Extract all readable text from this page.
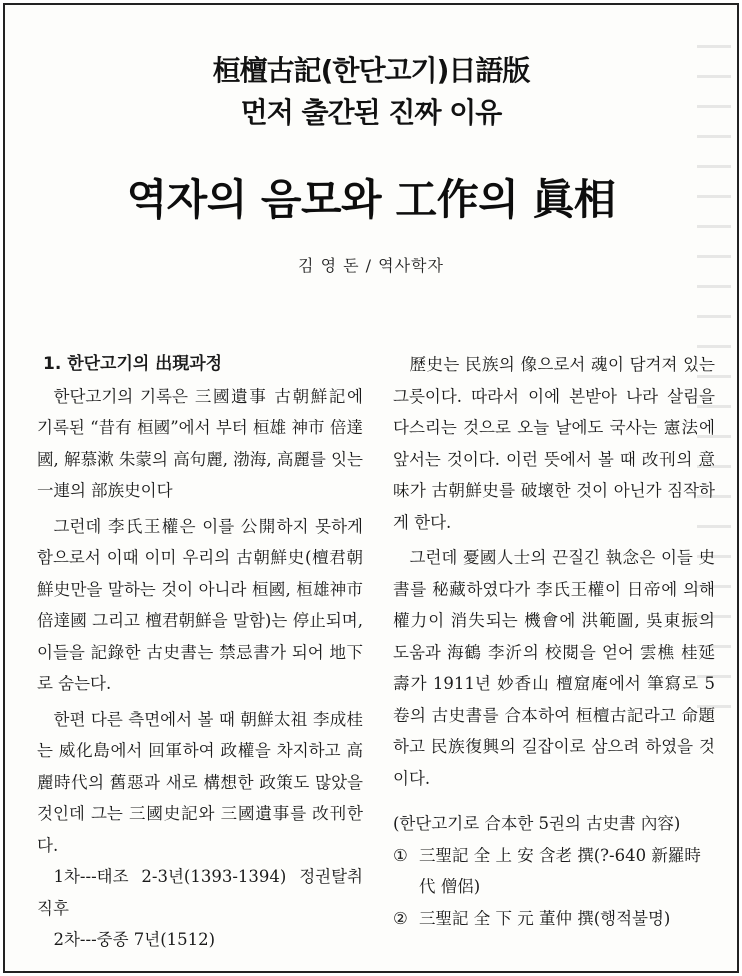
桓檀古記(한단고기)日語版
먼저 출간된 진짜 이유
역자의 음모와 工作의 眞相
김 영 돈 / 역사학자
1. 한단고기의 出現과정

한단고기의 기록은 三國遺事 古朝鮮記에 기록된 “昔有 桓國”에서 부터 桓雄 神市 倍達國, 解慕漱 朱蒙의 高句麗, 渤海, 高麗를 잇는 一連의 部族史이다

그런데 李氏王權은 이를 公開하지 못하게 함으로서 이때 이미 우리의 古朝鮮史(檀君朝鮮史만을 말하는 것이 아니라 桓國, 桓雄神市倍達國 그리고 檀君朝鮮을 말함)는 停止되며, 이들을 記錄한 古史書는 禁忌書가 되어 地下로 숨는다.

한편 다른 측면에서 볼 때 朝鮮太祖 李成桂는 威化島에서 回軍하여 政權을 차지하고 高麗時代의 舊惡과 새로 構想한 政策도 많았을 것인데 그는 三國史記와 三國遺事를 改刊한다.

1차---태조 2-3년(1393-1394) 정권탈취 직후

2차---중종 7년(1512)

歷史는 民族의 像으로서 魂이 담겨져 있는 그릇이다. 따라서 이에 본받아 나라 살림을 다스리는 것으로 오늘 날에도 국사는 憲法에 앞서는 것이다. 이런 뜻에서 볼 때 改刊의 意味가 古朝鮮史를 破壞한 것이 아닌가 짐작하게 한다.

그런데 憂國人士의 끈질긴 執念은 이들 史書를 秘藏하였다가 李氏王權이 日帝에 의해 權力이 消失되는 機會에 洪範圖, 吳東振의 도움과 海鶴 李沂의 校閱을 얻어 雲樵 桂延壽가 1911년 妙香山 檀窟庵에서 筆寫로 5卷의 古史書를 合本하여 桓檀古記라고 命題하고 民族復興의 길잡이로 삼으려 하였을 것이다.

(한단고기로 合本한 5권의 古史書 內容)

① 三聖記 全 上 安 含老 撰(?-640 新羅時代 僧侶)

② 三聖記 全 下 元 董仲 撰(행적불명)
